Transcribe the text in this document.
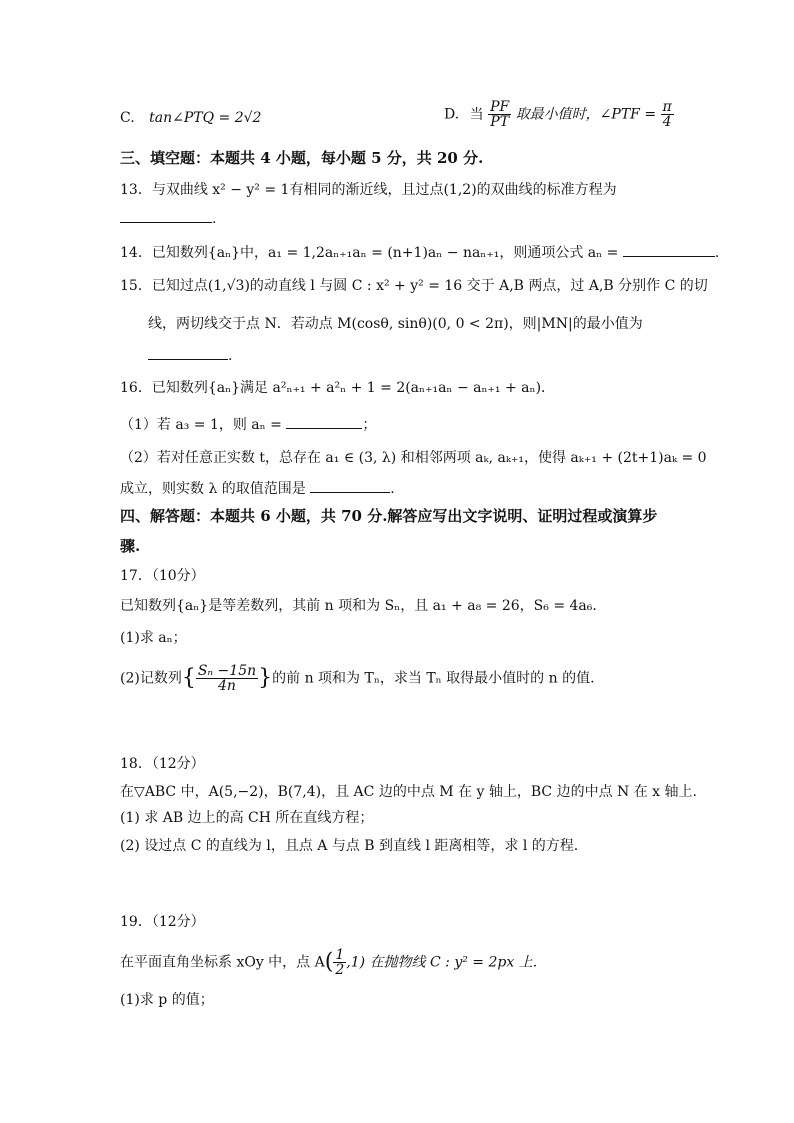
C. tan∠PTQ = 2√2	D. 当 $\frac{PF}{PT}$ 取最小值时，∠PTF = $\frac{\pi}{4}$
三、填空题：本题共 4 小题，每小题 5 分，共 20 分.
13．与双曲线 x² − y² = 1有相同的渐近线，且过点(1,2)的双曲线的标准方程为
.
14．已知数列{aₙ}中，a₁ = 1,2aₙ₊₁aₙ = (n+1)aₙ − naₙ₊₁，则通项公式 aₙ =	.
15．已知过点(1,√3)的动直线 l 与圆 C : x² + y² = 16 交于 A,B 两点，过 A,B 分别作 C 的切
线，两切线交于点 N．若动点 M(cosθ, sinθ)(0, 0 < 2π)，则|MN|的最小值为
.
16．已知数列{aₙ}满足 a²ₙ₊₁ + a²ₙ + 1 = 2(aₙ₊₁aₙ − aₙ₊₁ + aₙ)．
（1）若 a₃ = 1，则 aₙ =	；
（2）若对任意正实数 t，总存在 a₁ ∈ (3, λ) 和相邻两项 aₖ, aₖ₊₁，使得 aₖ₊₁ + (2t+1)aₖ = 0
成立，则实数 λ 的取值范围是	.
四、解答题：本题共 6 小题，共 70 分.解答应写出文字说明、证明过程或演算步
骤.
17．（10分）
已知数列{aₙ}是等差数列，其前 n 项和为 Sₙ，且 a₁ + a₈ = 26，S₆ = 4a₆．
(1)求 aₙ；
(2)记数列{ $\frac{\text{Sₙ −15n}}{4n}$ }的前 n 项和为 Tₙ，求当 Tₙ 取得最小值时的 n 的值.
18．（12分）
在▽ABC 中，A(5,−2)，B(7,4)，且 AC 边的中点 M 在 y 轴上，BC 边的中点 N 在 x 轴上.
(1) 求 AB 边上的高 CH 所在直线方程；
(2) 设过点 C 的直线为 l，且点 A 与点 B 到直线 l 距离相等，求 l 的方程.
19．（12分）
在平面直角坐标系 xOy 中，点 $A( \frac{1}{2} ,1)$ 在抛物线 C : y² = 2px 上．
(1)求 p 的值；
